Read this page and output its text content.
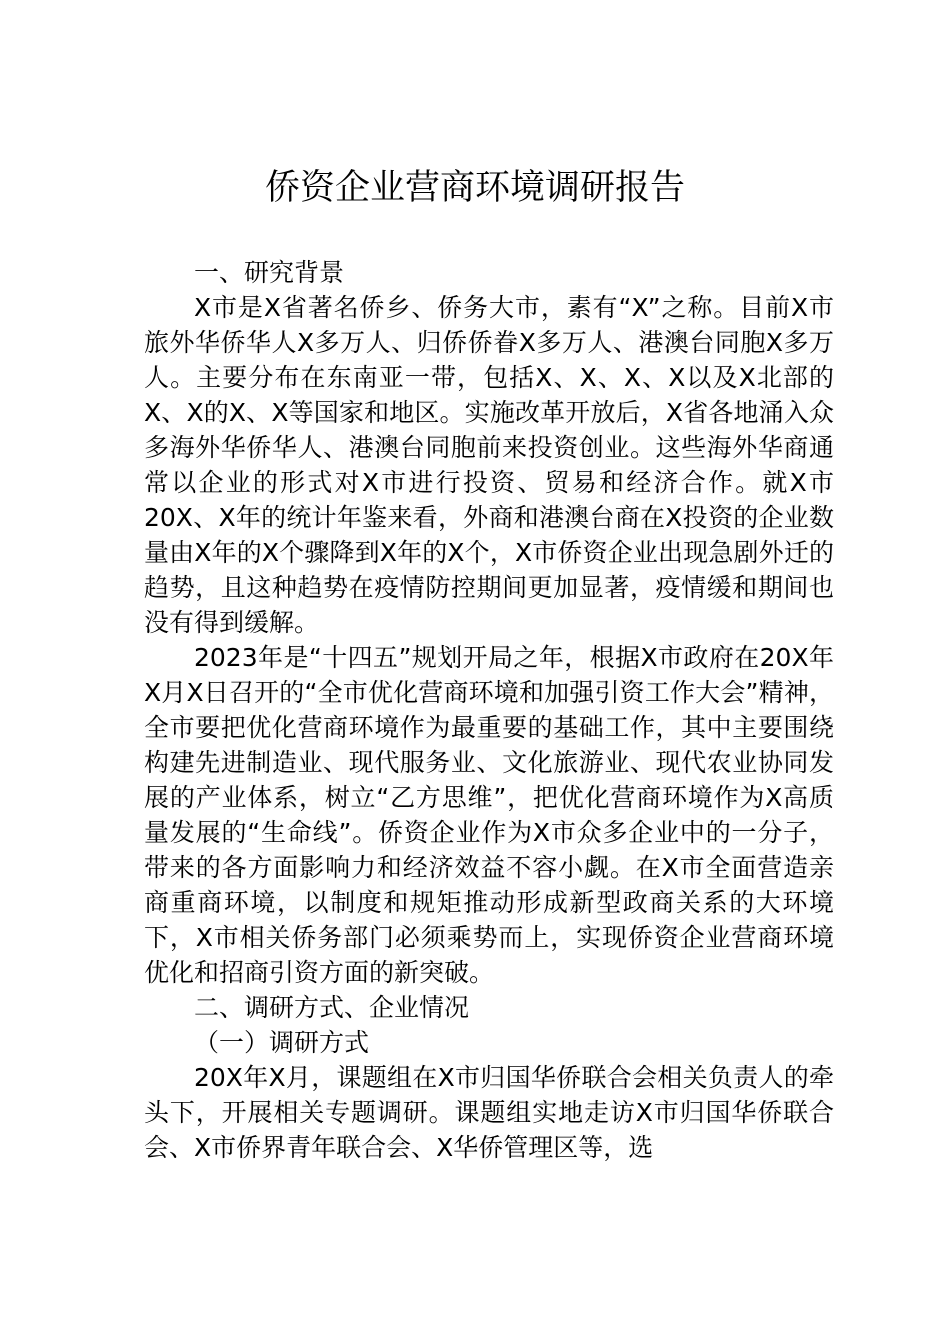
侨资企业营商环境调研报告

一、研究背景

X市是X省著名侨乡、侨务大市，素有“X”之称。目前X市旅外华侨华人X多万人、归侨侨眷X多万人、港澳台同胞X多万人。主要分布在东南亚一带，包括X、X、X、X以及X北部的X、X的X、X等国家和地区。实施改革开放后，X省各地涌入众多海外华侨华人、港澳台同胞前来投资创业。这些海外华商通常以企业的形式对X市进行投资、贸易和经济合作。就X市20X、X年的统计年鉴来看，外商和港澳台商在X投资的企业数量由X年的X个骤降到X年的X个，X市侨资企业出现急剧外迁的趋势，且这种趋势在疫情防控期间更加显著，疫情缓和期间也没有得到缓解。

2023年是“十四五”规划开局之年，根据X市政府在20X年X月X日召开的“全市优化营商环境和加强引资工作大会”精神，全市要把优化营商环境作为最重要的基础工作，其中主要围绕构建先进制造业、现代服务业、文化旅游业、现代农业协同发展的产业体系，树立“乙方思维”，把优化营商环境作为X高质量发展的“生命线”。侨资企业作为X市众多企业中的一分子，带来的各方面影响力和经济效益不容小觑。在X市全面营造亲商重商环境，以制度和规矩推动形成新型政商关系的大环境下，X市相关侨务部门必须乘势而上，实现侨资企业营商环境优化和招商引资方面的新突破。

二、调研方式、企业情况

（一）调研方式

20X年X月，课题组在X市归国华侨联合会相关负责人的牵头下，开展相关专题调研。课题组实地走访X市归国华侨联合会、X市侨界青年联合会、X华侨管理区等，选
